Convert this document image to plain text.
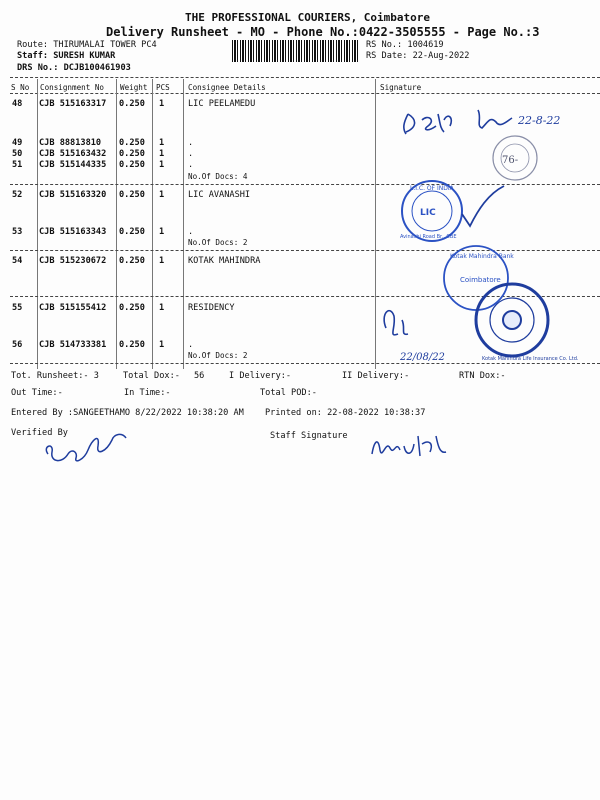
THE PROFESSIONAL COURIERS, Coimbatore
Delivery Runsheet - MO - Phone No.:0422-3505555 - Page No.:3
Route: THIRUMALAI TOWER PC4
Staff: SURESH KUMAR
DRS No.: DCJB100461903
RS No.: 1004619
RS Date: 22-Aug-2022
S No Consignment No Weight PCS Consignee Details	Signature
48 CJB 515163317 0.250 1	LIC PEELAMEDU
49 CJB 88813810 0.250 1	.
50 CJB 515163432 0.250 1	.
51 CJB 515144335 0.250 1	.
No.Of Docs: 4
52 CJB 515163320 0.250 1	LIC AVANASHI
53 CJB 515163343 0.250 1	.
No.Of Docs: 2
54 CJB 515230672 0.250 1	KOTAK MAHINDRA
55 CJB 515155412 0.250 1	RESIDENCY
56 CJB 514733381 0.250 1	.
No.Of Docs: 2
Tot. Runsheet:- 3	Total Dox:- 56	I Delivery:-	II Delivery:-	RTN Dox:-
Out Time:-	In Time:-	Total POD:-
Entered By :SANGEETHAMO 8/22/2022 10:38:20 AM Printed on: 22-08-2022 10:38:37
Verified By	Staff Signature
22-8-22
76-
L.I.C. OF INDIA
LIC
Avinashi Road Br., CBE
Kotak Mahindra Bank
Coimbatore
Kotak Mahindra Life Insurance Co. Ltd.
22/08/22
